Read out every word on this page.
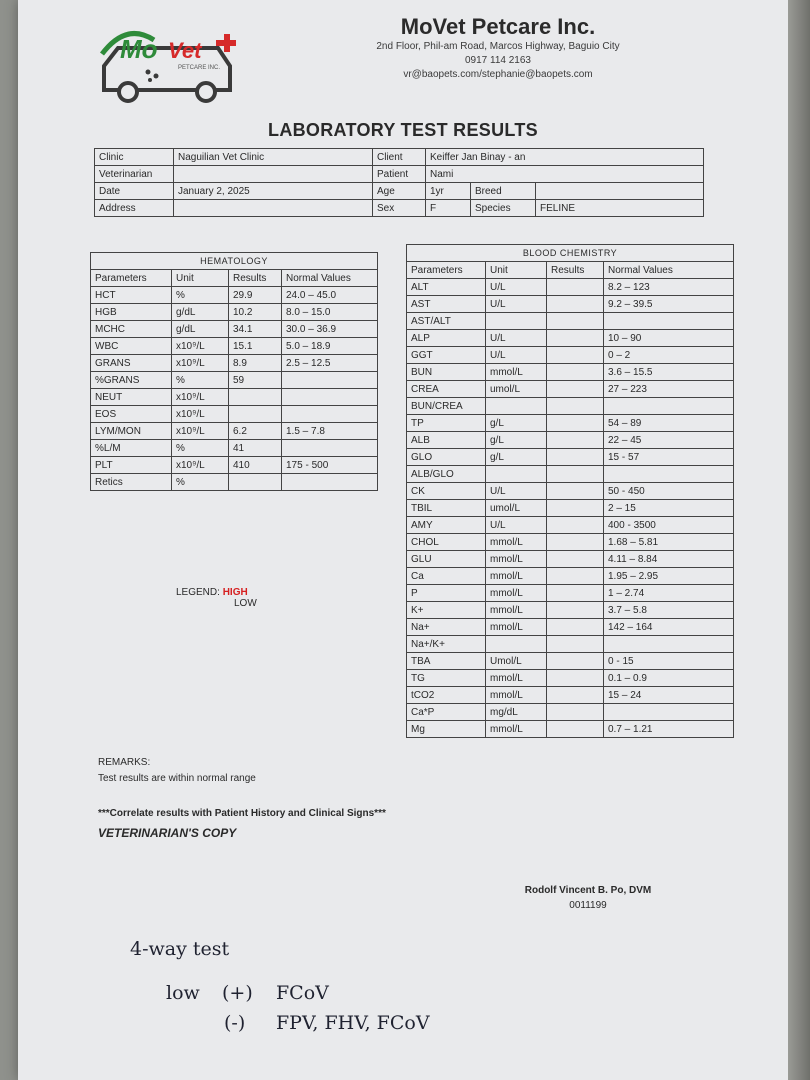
Mo Vet
PETCARE INC.
MoVet Petcare Inc.
2nd Floor, Phil-am Road, Marcos Highway, Baguio City
0917 114 2163
vr@baopets.com/stephanie@baopets.com
LABORATORY TEST RESULTS
Clinic	Naguilian Vet Clinic	Client	Keiffer Jan Binay - an		
Veterinarian		Patient	Nami		
Date	January 2, 2025	Age	1yr	Breed	
Address		Sex	F	Species	FELINE
HEMATOLOGY			
Parameters	Unit	Results	Normal Values
HCT	%	29.9	24.0 – 45.0
HGB	g/dL	10.2	8.0 – 15.0
MCHC	g/dL	34.1	30.0 – 36.9
WBC	x10⁹/L	15.1	5.0 – 18.9
GRANS	x10⁹/L	8.9	2.5 – 12.5
%GRANS	%	59	
NEUT	x10⁹/L		
EOS	x10⁹/L		
LYM/MON	x10⁹/L	6.2	1.5 – 7.8
%L/M	%	41	
PLT	x10⁹/L	410	175 - 500
Retics	%		
BLOOD CHEMISTRY			
Parameters	Unit	Results	Normal Values
ALT	U/L		8.2 – 123
AST	U/L		9.2 – 39.5
AST/ALT			
ALP	U/L		10 – 90
GGT	U/L		0 – 2
BUN	mmol/L		3.6 – 15.5
CREA	umol/L		27 – 223
BUN/CREA			
TP	g/L		54 – 89
ALB	g/L		22 – 45
GLO	g/L		15 - 57
ALB/GLO			
CK	U/L		50 - 450
TBIL	umol/L		2 – 15
AMY	U/L		400 - 3500
CHOL	mmol/L		1.68 – 5.81
GLU	mmol/L		4.11 – 8.84
Ca	mmol/L		1.95 – 2.95
P	mmol/L		1 – 2.74
K+	mmol/L		3.7 – 5.8
Na+	mmol/L		142 – 164
Na+/K+			
TBA	Umol/L		0 - 15
TG	mmol/L		0.1 – 0.9
tCO2	mmol/L		15 – 24
Ca*P	mg/dL		
Mg	mmol/L		0.7 – 1.21
LEGEND: HIGH
LOW
REMARKS:
Test results are within normal range
***Correlate results with Patient History and Clinical Signs***
VETERINARIAN'S COPY
Rodolf Vincent B. Po, DVM
0011199
4-way test
low (+) FCoV
(-) FPV, FHV, FCoV
